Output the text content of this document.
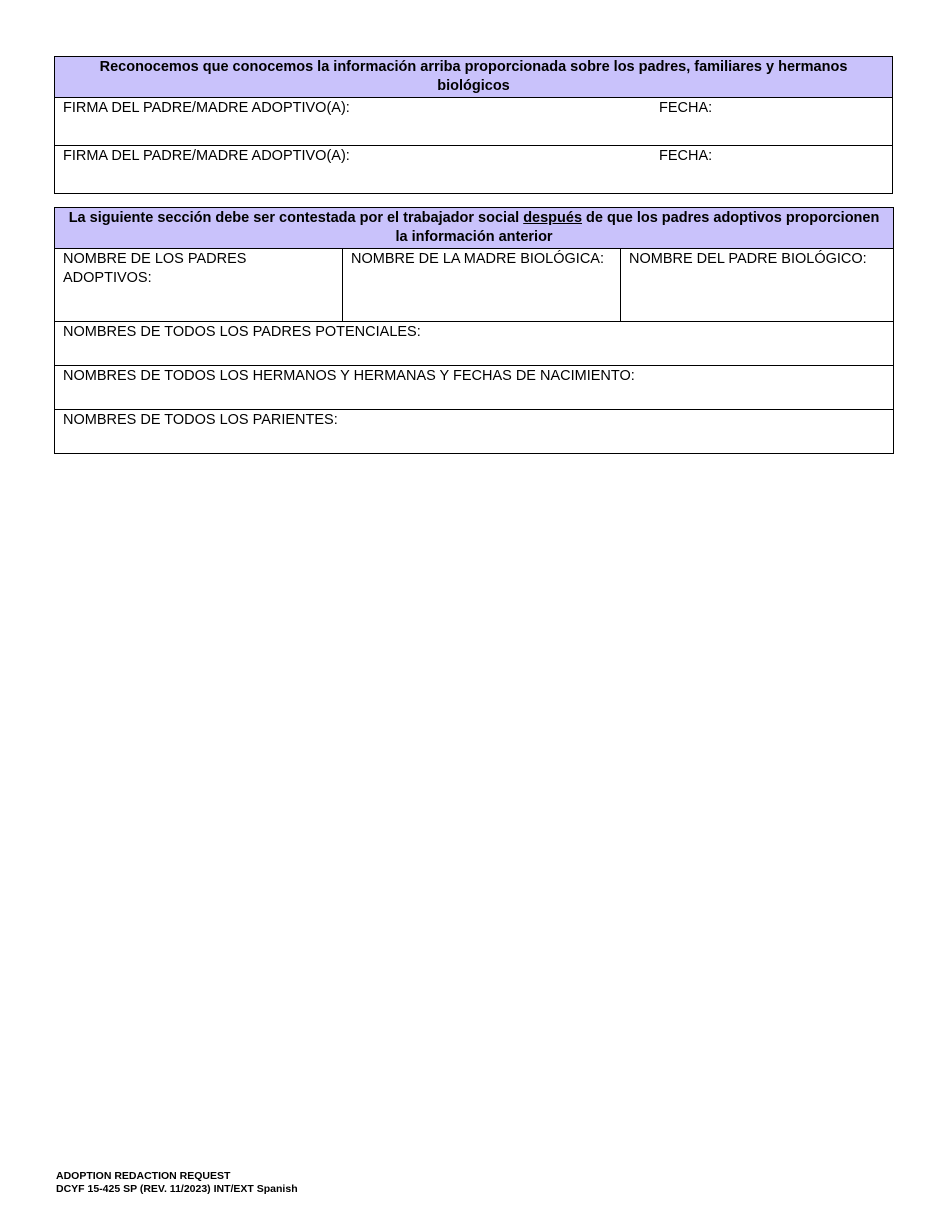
Reconocemos que conocemos la información arriba proporcionada sobre los padres, familiares y hermanos biológicos

FIRMA DEL PADRE/MADRE ADOPTIVO(A):	FECHA:

FIRMA DEL PADRE/MADRE ADOPTIVO(A):	FECHA:
La siguiente sección debe ser contestada por el trabajador social después de que los padres adoptivos proporcionen la información anterior
NOMBRE DE LOS PADRES ADOPTIVOS:	NOMBRE DE LA MADRE BIOLÓGICA:	NOMBRE DEL PADRE BIOLÓGICO:
NOMBRES DE TODOS LOS PADRES POTENCIALES:
NOMBRES DE TODOS LOS HERMANOS Y HERMANAS Y FECHAS DE NACIMIENTO:
NOMBRES DE TODOS LOS PARIENTES:
ADOPTION REDACTION REQUEST
DCYF 15-425 SP (REV. 11/2023) INT/EXT Spanish
